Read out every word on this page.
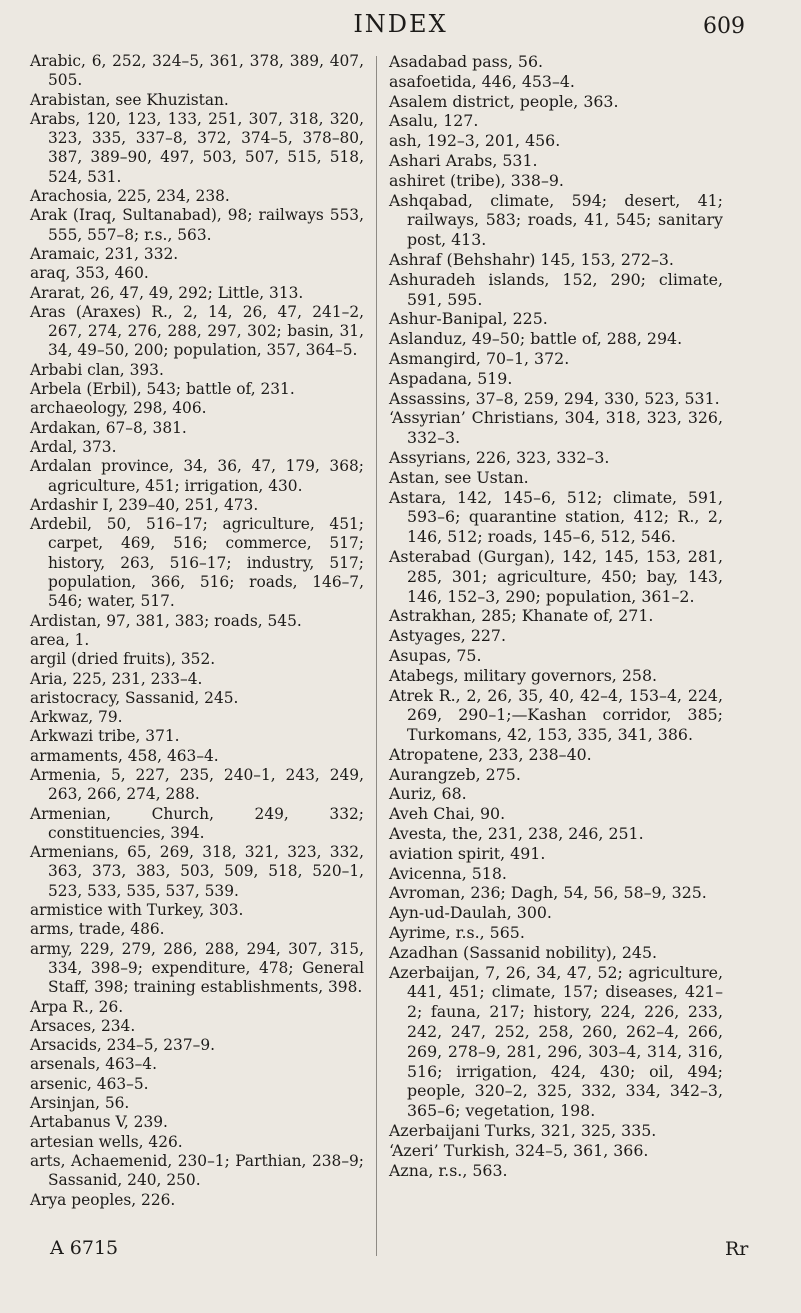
INDEX	609

Arabic, 6, 252, 324–5, 361, 378, 389, 407, 505.

Arabistan, see Khuzistan.

Arabs, 120, 123, 133, 251, 307, 318, 320, 323, 335, 337–8, 372, 374–5, 378–80, 387, 389–90, 497, 503, 507, 515, 518, 524, 531.

Arachosia, 225, 234, 238.

Arak (Iraq, Sultanabad), 98; railways 553, 555, 557–8; r.s., 563.

Aramaic, 231, 332.

araq, 353, 460.

Ararat, 26, 47, 49, 292; Little, 313.

Aras (Araxes) R., 2, 14, 26, 47, 241–2, 267, 274, 276, 288, 297, 302; basin, 31, 34, 49–50, 200; population, 357, 364–5.

Arbabi clan, 393.

Arbela (Erbil), 543; battle of, 231.

archaeology, 298, 406.

Ardakan, 67–8, 381.

Ardal, 373.

Ardalan province, 34, 36, 47, 179, 368; agriculture, 451; irrigation, 430.

Ardashir I, 239–40, 251, 473.

Ardebil, 50, 516–17; agriculture, 451; carpet, 469, 516; commerce, 517; history, 263, 516–17; industry, 517; population, 366, 516; roads, 146–7, 546; water, 517.

Ardistan, 97, 381, 383; roads, 545.

area, 1.

argil (dried fruits), 352.

Aria, 225, 231, 233–4.

aristocracy, Sassanid, 245.

Arkwaz, 79.

Arkwazi tribe, 371.

armaments, 458, 463–4.

Armenia, 5, 227, 235, 240–1, 243, 249, 263, 266, 274, 288.

Armenian, Church, 249, 332; constituencies, 394.

Armenians, 65, 269, 318, 321, 323, 332, 363, 373, 383, 503, 509, 518, 520–1, 523, 533, 535, 537, 539.

armistice with Turkey, 303.

arms, trade, 486.

army, 229, 279, 286, 288, 294, 307, 315, 334, 398–9; expenditure, 478; General Staff, 398; training establishments, 398.

Arpa R., 26.

Arsaces, 234.

Arsacids, 234–5, 237–9.

arsenals, 463–4.

arsenic, 463–5.

Arsinjan, 56.

Artabanus V, 239.

artesian wells, 426.

arts, Achaemenid, 230–1; Parthian, 238–9; Sassanid, 240, 250.

Arya peoples, 226.

Asadabad pass, 56.

asafoetida, 446, 453–4.

Asalem district, people, 363.

Asalu, 127.

ash, 192–3, 201, 456.

Ashari Arabs, 531.

ashiret (tribe), 338–9.

Ashqabad, climate, 594; desert, 41; railways, 583; roads, 41, 545; sanitary post, 413.

Ashraf (Behshahr) 145, 153, 272–3.

Ashuradeh islands, 152, 290; climate, 591, 595.

Ashur-Banipal, 225.

Aslanduz, 49–50; battle of, 288, 294.

Asmangird, 70–1, 372.

Aspadana, 519.

Assassins, 37–8, 259, 294, 330, 523, 531.

‘Assyrian’ Christians, 304, 318, 323, 326, 332–3.

Assyrians, 226, 323, 332–3.

Astan, see Ustan.

Astara, 142, 145–6, 512; climate, 591, 593–6; quarantine station, 412; R., 2, 146, 512; roads, 145–6, 512, 546.

Asterabad (Gurgan), 142, 145, 153, 281, 285, 301; agriculture, 450; bay, 143, 146, 152–3, 290; population, 361–2.

Astrakhan, 285; Khanate of, 271.

Astyages, 227.

Asupas, 75.

Atabegs, military governors, 258.

Atrek R., 2, 26, 35, 40, 42–4, 153–4, 224, 269, 290–1;—Kashan corridor, 385; Turkomans, 42, 153, 335, 341, 386.

Atropatene, 233, 238–40.

Aurangzeb, 275.

Auriz, 68.

Aveh Chai, 90.

Avesta, the, 231, 238, 246, 251.

aviation spirit, 491.

Avicenna, 518.

Avroman, 236; Dagh, 54, 56, 58–9, 325.

Ayn-ud-Daulah, 300.

Ayrime, r.s., 565.

Azadhan (Sassanid nobility), 245.

Azerbaijan, 7, 26, 34, 47, 52; agriculture, 441, 451; climate, 157; diseases, 421–2; fauna, 217; history, 224, 226, 233, 242, 247, 252, 258, 260, 262–4, 266, 269, 278–9, 281, 296, 303–4, 314, 316, 516; irrigation, 424, 430; oil, 494; people, 320–2, 325, 332, 334, 342–3, 365–6; vegetation, 198.

Azerbaijani Turks, 321, 325, 335.

‘Azeri’ Turkish, 324–5, 361, 366.

Azna, r.s., 563.

A 6715	Rr
